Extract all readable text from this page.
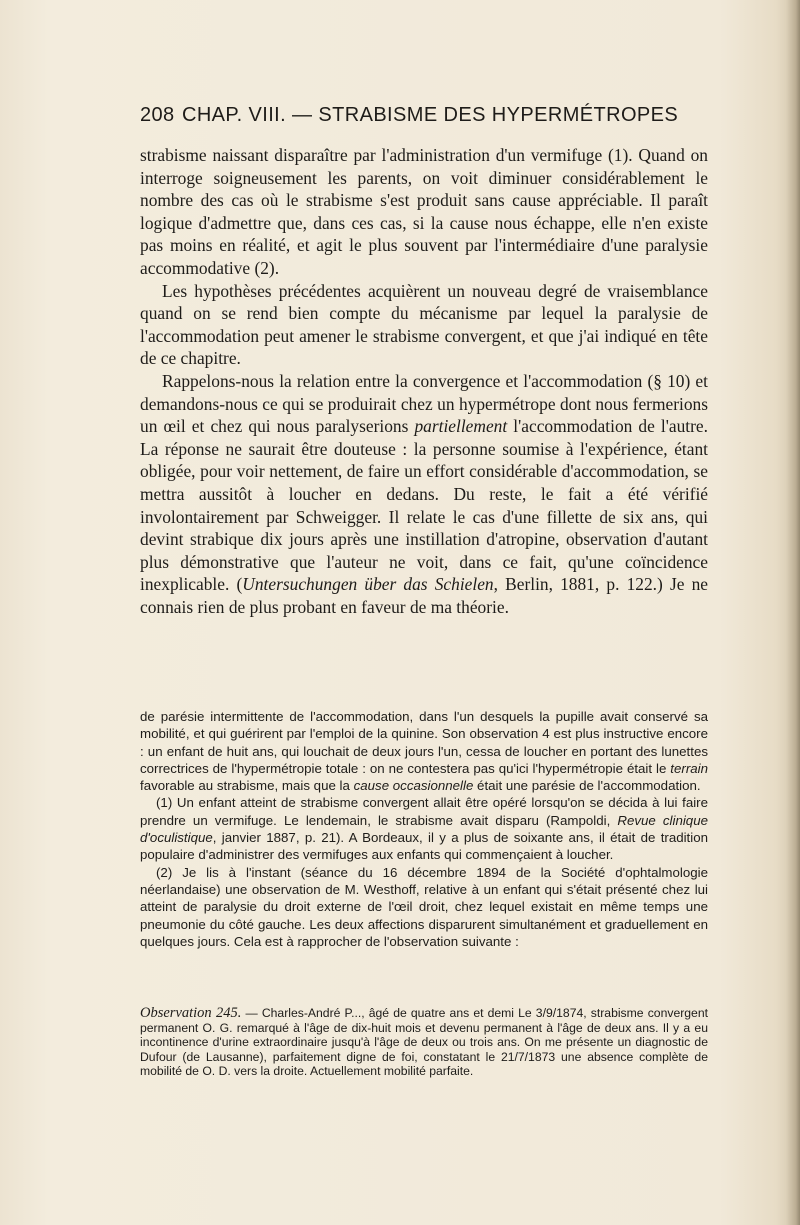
208 CHAP. VIII. — STRABISME DES HYPERMÉTROPES

strabisme naissant disparaître par l'administration d'un vermifuge (1). Quand on interroge soigneusement les parents, on voit diminuer considérablement le nombre des cas où le strabisme s'est produit sans cause appréciable. Il paraît logique d'admettre que, dans ces cas, si la cause nous échappe, elle n'en existe pas moins en réalité, et agit le plus souvent par l'intermédiaire d'une paralysie accommodative (2).

Les hypothèses précédentes acquièrent un nouveau degré de vraisemblance quand on se rend bien compte du mécanisme par lequel la paralysie de l'accommodation peut amener le strabisme convergent, et que j'ai indiqué en tête de ce chapitre.

Rappelons-nous la relation entre la convergence et l'accommodation (§ 10) et demandons-nous ce qui se produirait chez un hypermétrope dont nous fermerions un œil et chez qui nous paralyserions partiellement l'accommodation de l'autre. La réponse ne saurait être douteuse : la personne soumise à l'expérience, étant obligée, pour voir nettement, de faire un effort considérable d'accommodation, se mettra aussitôt à loucher en dedans. Du reste, le fait a été vérifié involontairement par Schweigger. Il relate le cas d'une fillette de six ans, qui devint strabique dix jours après une instillation d'atropine, observation d'autant plus démonstrative que l'auteur ne voit, dans ce fait, qu'une coïncidence inexplicable. (Untersuchungen über das Schielen, Berlin, 1881, p. 122.) Je ne connais rien de plus probant en faveur de ma théorie.

de parésie intermittente de l'accommodation, dans l'un desquels la pupille avait conservé sa mobilité, et qui guérirent par l'emploi de la quinine. Son observation 4 est plus instructive encore : un enfant de huit ans, qui louchait de deux jours l'un, cessa de loucher en portant des lunettes correctrices de l'hypermétropie totale : on ne contestera pas qu'ici l'hypermétropie était le terrain favorable au strabisme, mais que la cause occasionnelle était une parésie de l'accommodation.

(1) Un enfant atteint de strabisme convergent allait être opéré lorsqu'on se décida à lui faire prendre un vermifuge. Le lendemain, le strabisme avait disparu (Rampoldi, Revue clinique d'oculistique, janvier 1887, p. 21). A Bordeaux, il y a plus de soixante ans, il était de tradition populaire d'administrer des vermifuges aux enfants qui commençaient à loucher.

(2) Je lis à l'instant (séance du 16 décembre 1894 de la Société d'ophtalmologie néerlandaise) une observation de M. Westhoff, relative à un enfant qui s'était présenté chez lui atteint de paralysie du droit externe de l'œil droit, chez lequel existait en même temps une pneumonie du côté gauche. Les deux affections disparurent simultanément et graduellement en quelques jours. Cela est à rapprocher de l'observation suivante :

Observation 245. — Charles-André P..., âgé de quatre ans et demi Le 3/9/1874, strabisme convergent permanent O. G. remarqué à l'âge de dix-huit mois et devenu permanent à l'âge de deux ans. Il y a eu incontinence d'urine extraordinaire jusqu'à l'âge de deux ou trois ans. On me présente un diagnostic de Dufour (de Lausanne), parfaitement digne de foi, constatant le 21/7/1873 une absence complète de mobilité de O. D. vers la droite. Actuellement mobilité parfaite.
